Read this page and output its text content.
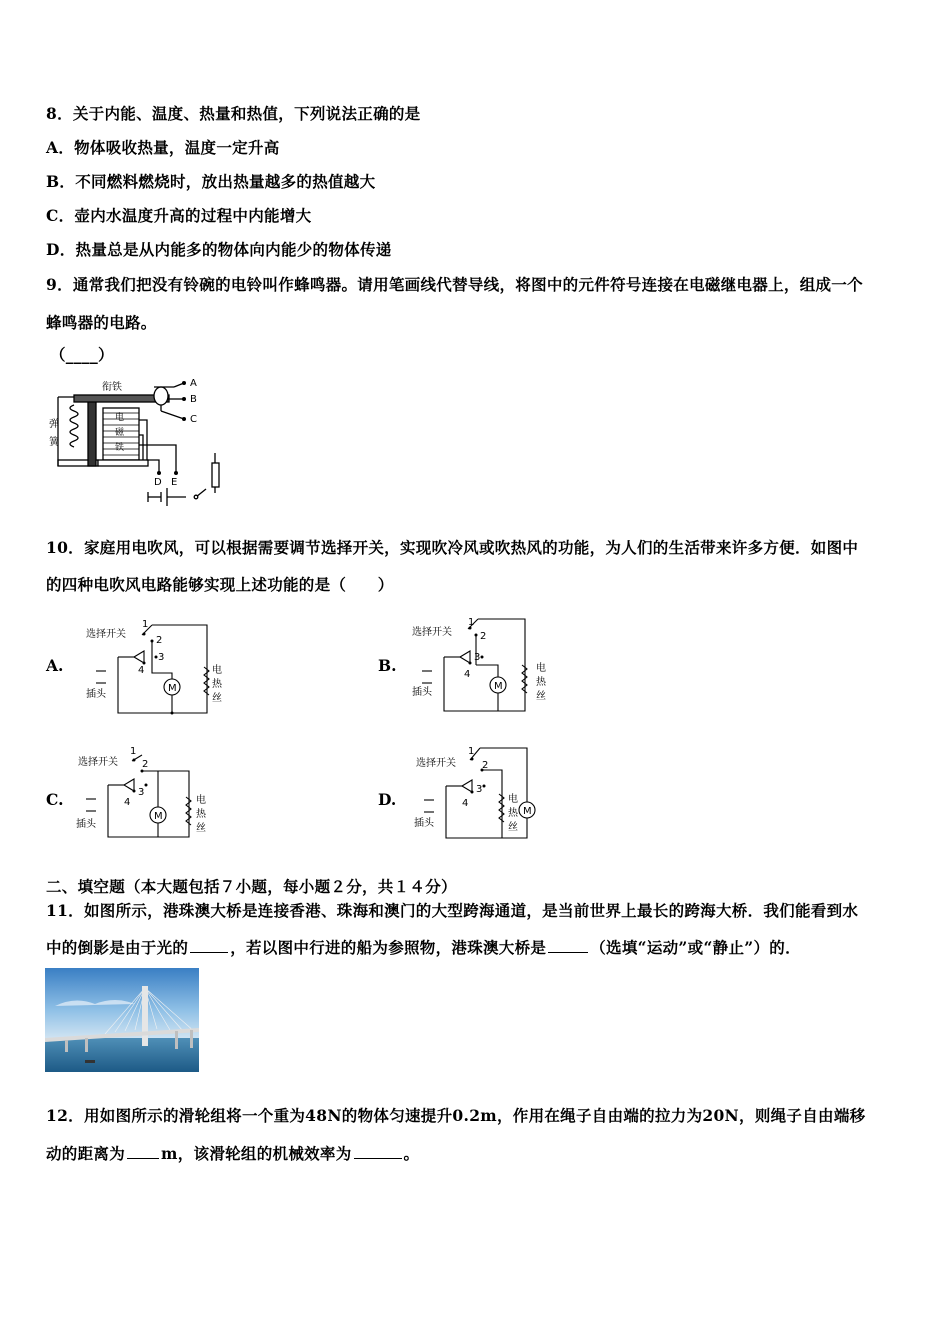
8．关于内能、温度、热量和热值，下列说法正确的是
A．物体吸收热量，温度一定升高
B．不同燃料燃烧时，放出热量越多的热值越大
C．壶内水温度升高的过程中内能增大
D．热量总是从内能多的物体向内能少的物体传递
9．通常我们把没有铃碗的电铃叫作蜂鸣器。请用笔画线代替导线，将图中的元件符号连接在电磁继电器上，组成一个
蜂鸣器的电路。
（____）
衔铁
弹
簧
电
磁
铁
A
B
C
D E
10．家庭用电吹风，可以根据需要调节选择开关，实现吹冷风或吹热风的功能，为人们的生活带来许多方便．如图中
的四种电吹风电路能够实现上述功能的是（　　）
A.	B.
C.	D.
选择开关
插头
M
电
热
丝
1
2
3
4
选择开关
插头
M
电
热
丝
1
2
3
4
选择开关
插头
M
电
热
丝
1
2
3
4
选择开关
插头
M
电
热
丝
1
2
3
4
二、填空题（本大题包括７小题，每小题２分，共１４分）
11．如图所示，港珠澳大桥是连接香港、珠海和澳门的大型跨海通道，是当前世界上最长的跨海大桥．我们能看到水
中的倒影是由于光的	，若以图中行进的船为参照物，港珠澳大桥是	（选填“运动”或“静止”）的．
12．用如图所示的滑轮组将一个重为48N的物体匀速提升0.2m，作用在绳子自由端的拉力为20N，则绳子自由端移
动的距离为 m，该滑轮组的机械效率为	。
